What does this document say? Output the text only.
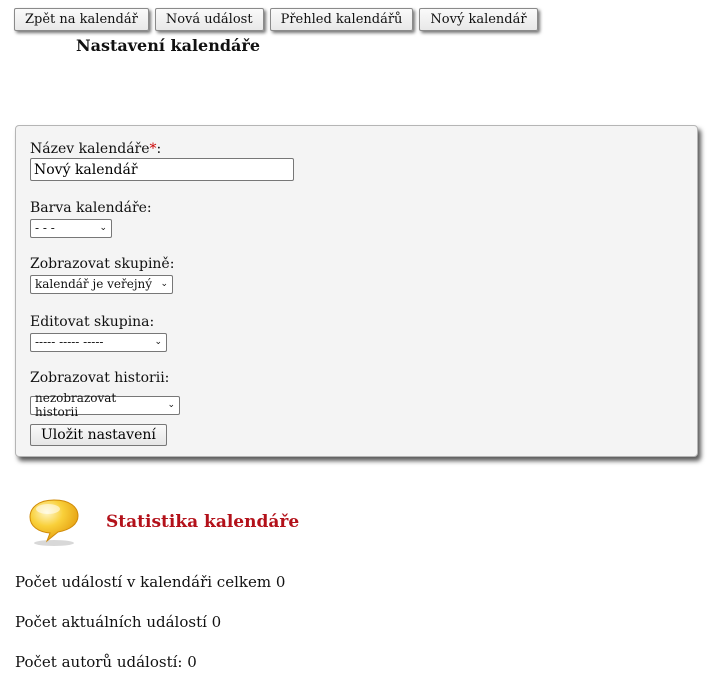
Zpět na kalendář	Nová událost	Přehled kalendářů	Nový kalendář
Nastavení kalendáře
Název kalendáře*:
Nový kalendář
Barva kalendáře:
- - -	⌄
Zobrazovat skupině:
kalendář je veřejný ⌄
Editovat skupina:
----- ----- -----	⌄
Zobrazovat historii:
nezobrazovat historii	⌄
Uložit nastavení
Statistika kalendáře

Počet událostí v kalendáři celkem 0

Počet aktuálních událostí 0

Počet autorů událostí: 0
